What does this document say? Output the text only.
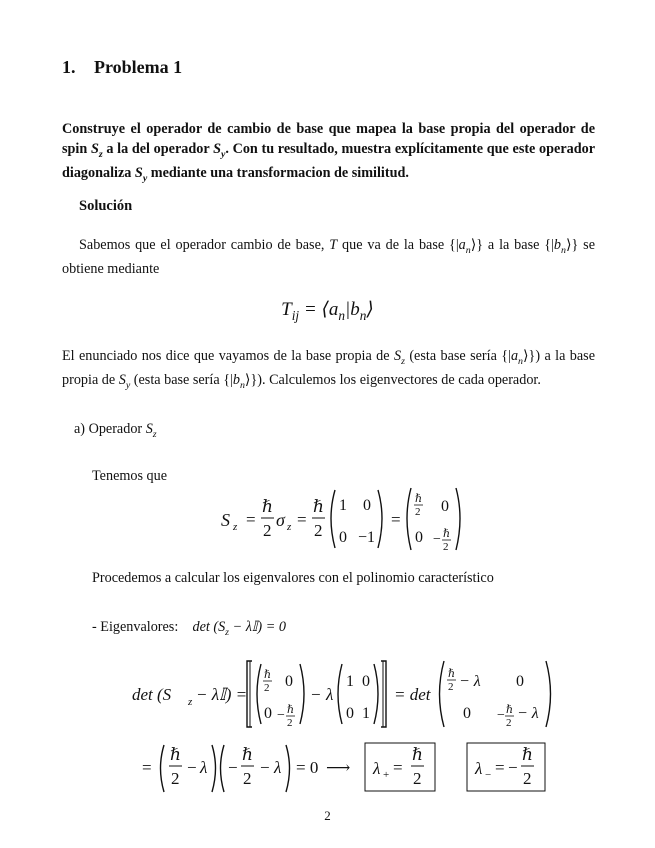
1. Problema 1

Construye el operador de cambio de base que mapea la base propia del operador de spin $S_z$ a la del operador $S_y$. Con tu resultado, muestra explícitamente que este operador diagonaliza $S_y$ mediante una transformacion de similitud.

Solución

Sabemos que el operador cambio de base, T que va de la base $\{|a_n⟩\}$ a la base $\{|b_n⟩\}$ se obtiene mediante

$T_{ij}$ = $⟨a_n|b_n⟩$

El enunciado nos dice que vayamos de la base propia de $S_z$ (esta base sería $\{|a_n⟩\}$) a la base propia de $S_y$ (esta base sería $\{|b_n⟩\}$). Calculemos los eigenvectores de cada operador.

a) Operador $S_z$
Tenemos que
S z =
ℏ
2
σ z =
ℏ
2
1 0
0 −1
=
ℏ
2 0
0 − ℏ
2
Procedemos a calcular los eigenvalores con el polinomio característico
- Eigenvalores: $\det (S_z$ − λ𝕀) = 0
det (S z − λ𝕀) =
ℏ
2 0
0 − ℏ
2
− λ
1 0
0 1
= det
ℏ
2 − λ 0
0 − ℏ
2
− λ
=
ℏ
2
− λ −
ℏ
2
− λ = 0 ⟶ λ + =
ℏ
2
λ − = −
ℏ
2
2
